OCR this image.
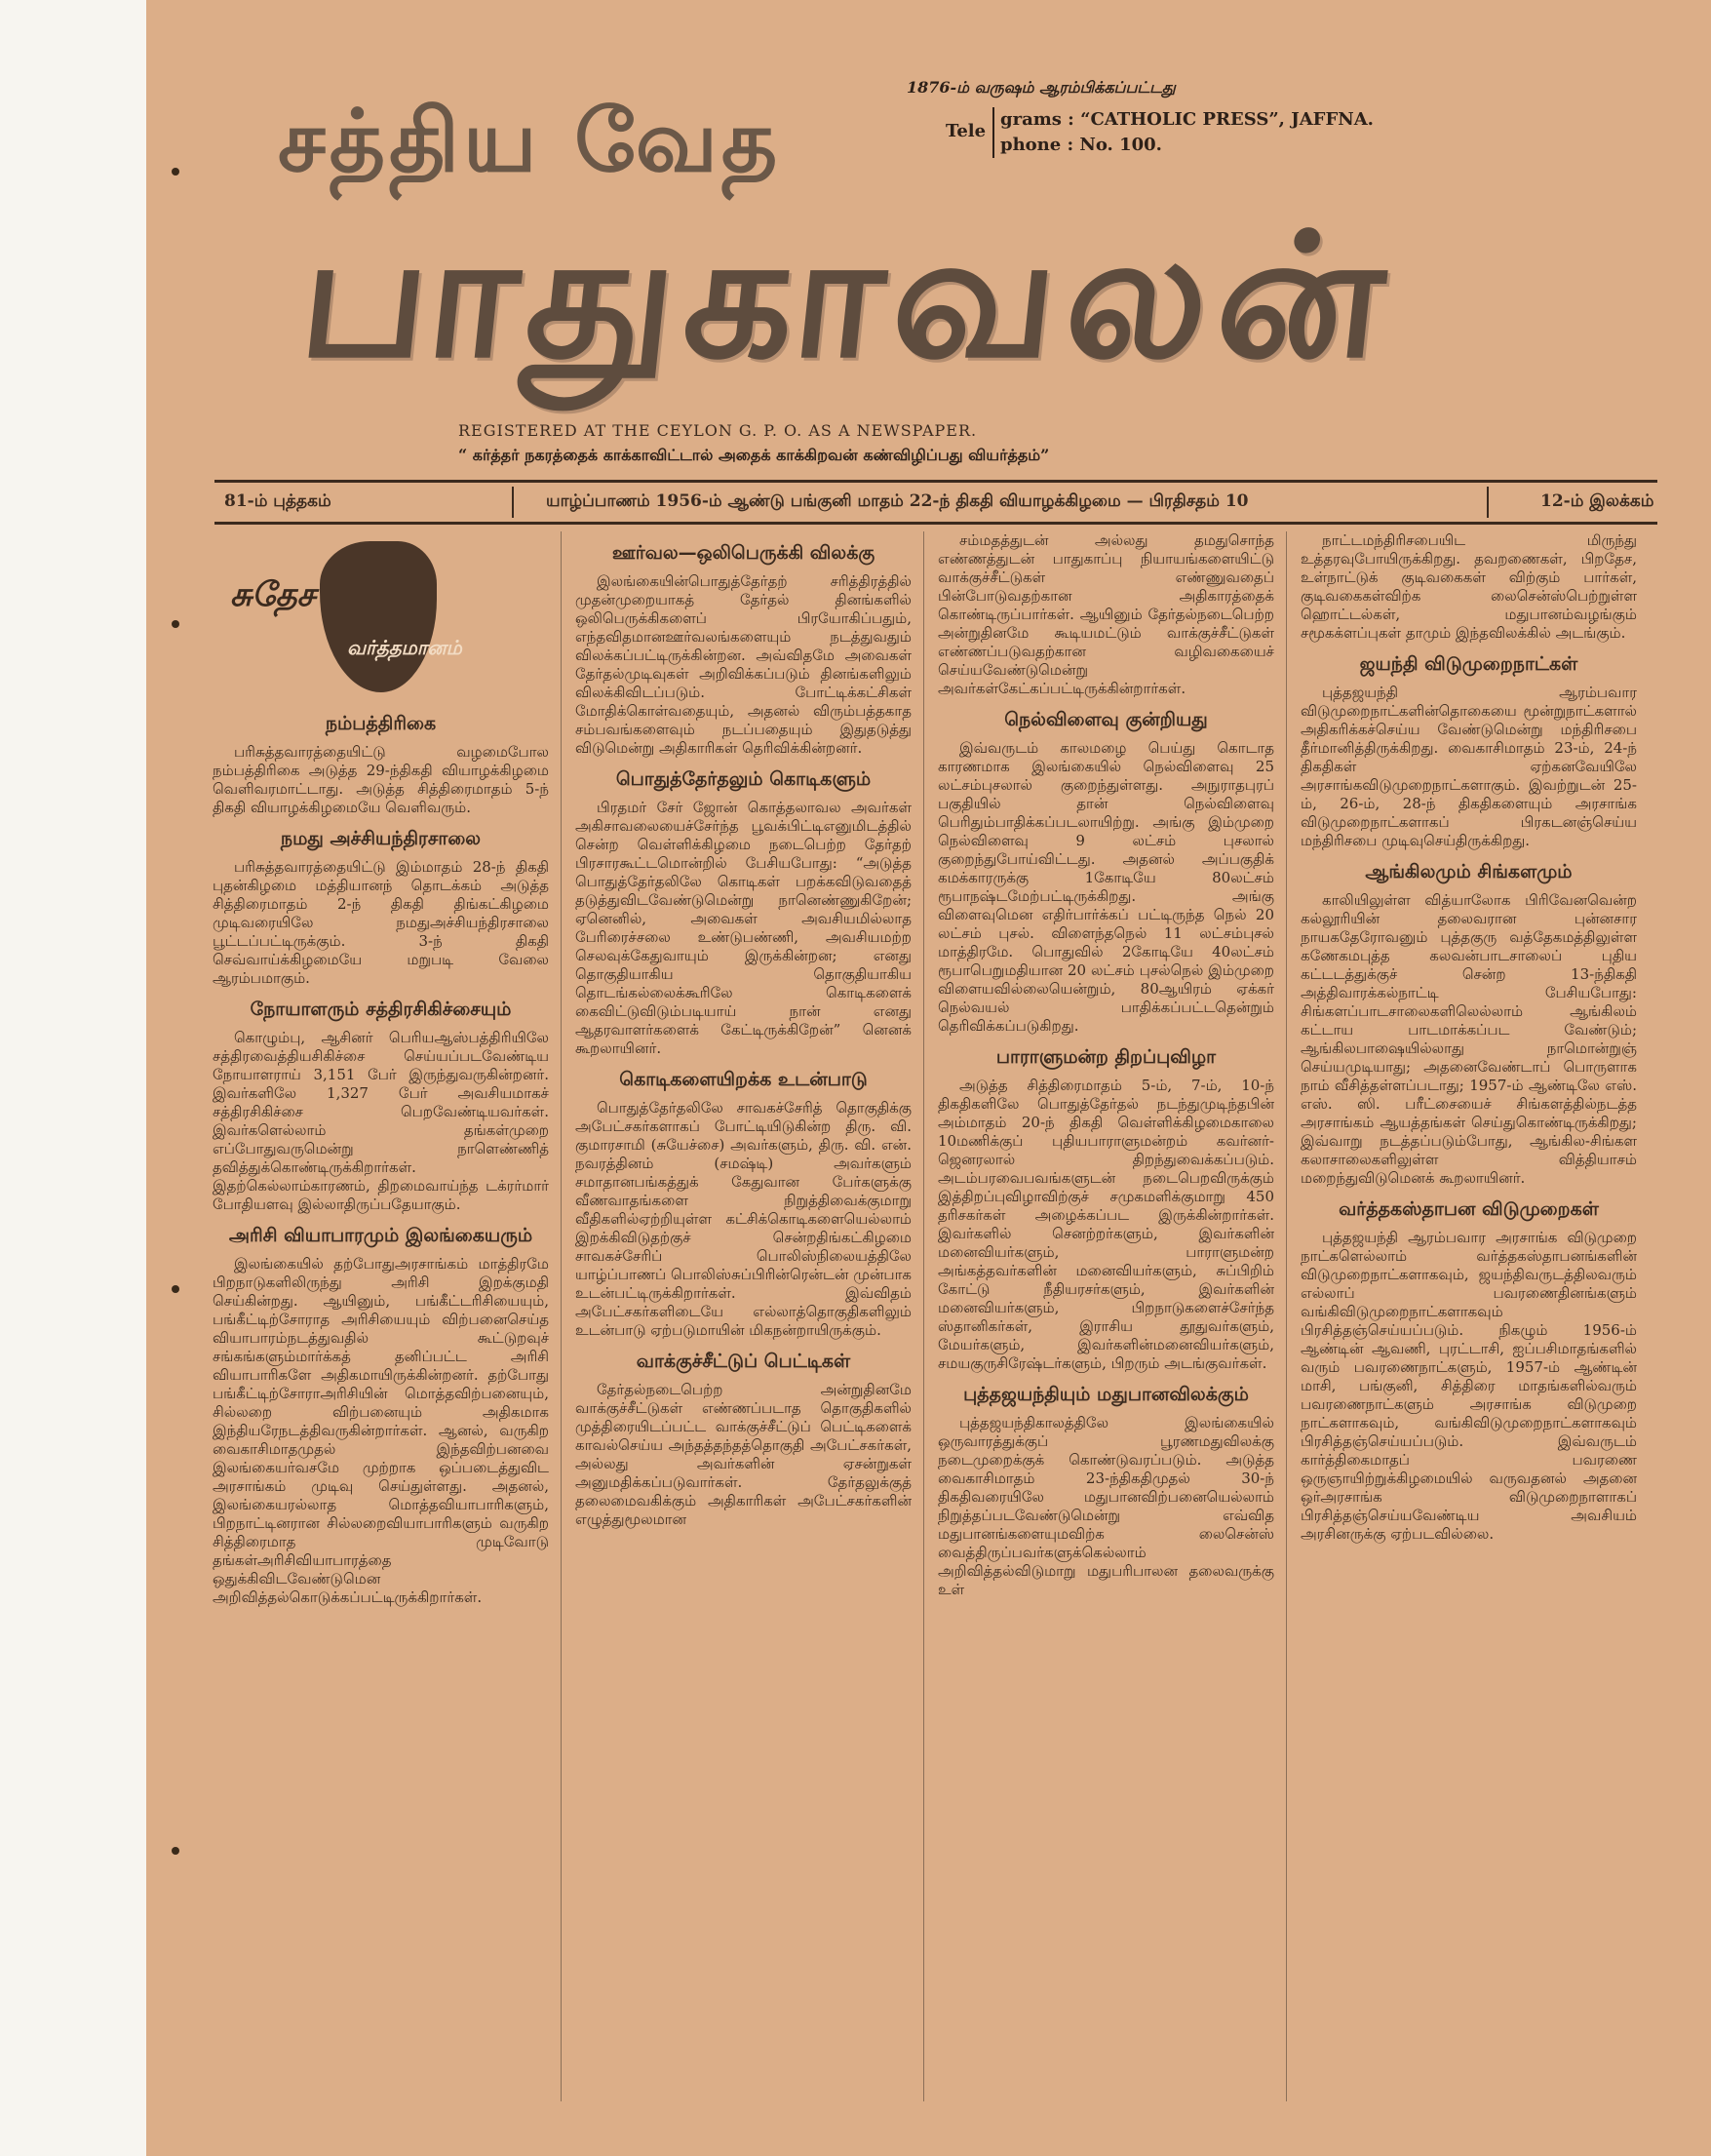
சத்திய வேத
பாதுகாவலன்
1876-ம் வருஷம் ஆரம்பிக்கப்பட்டது
Tele
grams : “CATHOLIC PRESS”, JAFFNA.
phone : No. 100.
REGISTERED AT THE CEYLON G. P. O. AS A NEWSPAPER.
“ கர்த்தர் நகரத்தைக் காக்காவிட்டால் அதைக் காக்கிறவன் கண்விழிப்பது வியர்த்தம்”
81-ம் புத்தகம்	யாழ்ப்பாணம் 1956-ம் ஆண்டு பங்குனி மாதம் 22-ந் திகதி வியாழக்கிழமை — பிரதிசதம் 10	12-ம் இலக்கம்
சுதேச
வர்த்தமானம்
நம்பத்திரிகை

பரிசுத்தவாரத்தையிட்டு வழமைபோல நம்பத்திரிகை அடுத்த 29-ந்திகதி வியாழக்கிழமை வெளிவரமாட்டாது. அடுத்த சித்திரைமாதம் 5-ந் திகதி வியாழக்கிழமையே வெளிவரும்.

நமது அச்சியந்திரசாலை

பரிசுத்தவாரத்தையிட்டு இம்மாதம் 28-ந் திகதி புதன்கிழமை மத்தியானந் தொடக்கம் அடுத்த சித்திரைமாதம் 2-ந் திகதி திங்கட்கிழமை முடிவரையிலே நமதுஅச்சியந்திரசாலை பூட்டப்பட்டிருக்கும். 3-ந் திகதி செவ்வாய்க்கிழமையே மறுபடி வேலை ஆரம்பமாகும்.

நோயாளரும் சத்திரசிகிச்சையும்

கொழும்பு, ஆசினர் பெரியஆஸ்பத்திரியிலே சத்திரவைத்தியசிகிச்சை செய்யப்படவேண்டிய நோயாளராய் 3,151 பேர் இருந்துவருகின்றனர். இவர்களிலே 1,327 பேர் அவசியமாகச் சத்திரசிகிச்சை பெறவேண்டியவர்கள். இவர்களெல்லாம் தங்கள்முறை எப்போதுவருமென்று நாளெண்ணித் தவித்துக்கொண்டிருக்கிறார்கள். இதற்கெல்லாம்காரணம், திறமைவாய்ந்த டக்ரர்மார் போதியளவு இல்லாதிருப்பதேயாகும்.

அரிசி வியாபாரமும் இலங்கையரும்

இலங்கையில் தற்போதுஅரசாங்கம் மாத்திரமே பிறநாடுகளிலிருந்து அரிசி இறக்குமதி செய்கின்றது. ஆயினும், பங்கீட்டரிசியையும், பங்கீட்டிற்சோராத அரிசியையும் விற்பனைசெய்த வியாபாரம்நடத்துவதில் கூட்டுறவுச் சங்கங்களும்மார்க்கத் தனிப்பட்ட அரிசி வியாபாரிகளே அதிகமாயிருக்கின்றனர். தற்போது பங்கீட்டிற்சோராஅரிசியின் மொத்தவிற்பனையும், சில்லறை விற்பனையும் அதிகமாக இந்தியரேநடத்திவருகின்றார்கள். ஆனல், வருகிற வைகாசிமாதமுதல் இந்தவிற்பனவை இலங்கையர்வசமே முற்றாக ஒப்படைத்துவிட அரசாங்கம் முடிவு செய்துள்ளது. அதனல், இலங்கையரல்லாத மொத்தவியாபாரிகளும், பிறநாட்டினரான சில்லறைவியாபாரிகளும் வருகிற சித்திரைமாத முடிவோடு தங்கள்அரிசிவியாபாரத்தை ஒதுக்கிவிடவேண்டுமென அறிவித்தல்கொடுக்கப்பட்டிருக்கிறார்கள்.

ஊர்வல—ஒலிபெருக்கி விலக்கு

இலங்கையின்பொதுத்தேர்தற் சரித்திரத்தில் முதன்முறையாகத் தேர்தல் தினங்களில் ஒலிபெருக்கிகளைப் பிரயோகிப்பதும், எந்தவிதமானஊர்வலங்களையும் நடத்துவதும் விலக்கப்பட்டிருக்கின்றன. அவ்விதமே அவைகள் தேர்தல்முடிவுகள் அறிவிக்கப்படும் தினங்களிலும் விலக்கிவிடப்படும். போட்டிக்கட்சிகள் மோதிக்கொள்வதையும், அதனல் விரும்பத்தகாத சம்பவங்களைவும் நடப்பதையும் இதுதடுத்து விடுமென்று அதிகாரிகள் தெரிவிக்கின்றனர்.

பொதுத்தேர்தலும் கொடிகளும்

பிரதமர் சேர் ஜோன் கொத்தலாவல அவர்கள் அகிசாவலையைச்சேர்ந்த பூவக்பிட்டிஎனுமிடத்தில் சென்ற வெள்ளிக்கிழமை நடைபெற்ற தேர்தற் பிரசாரகூட்டமொன்றில் பேசியபோது: “அடுத்த பொதுத்தேர்தலிலே கொடிகள் பறக்கவிடுவதைத் தடுத்துவிடவேண்டுமென்று நானெண்ணுகிறேன்; ஏனெனில், அவைகள் அவசியமில்லாத பேரிரைச்சலை உண்டுபண்ணி, அவசியமற்ற செலவுக்கேதுவாயும் இருக்கின்றன; எனது தொகுதியாகிய தொகுதியாகிய தொடங்கல்லைக்கூரிலே கொடிகளைக் கைவிட்டுவிடும்படியாய் நான் எனது ஆதரவாளர்களைக் கேட்டிருக்கிறேன்” னெனக் கூறலாயினர்.

கொடிகளையிறக்க உடன்பாடு

பொதுத்தேர்தலிலே சாவகச்சேரித் தொகுதிக்கு அபேட்சகர்களாகப் போட்டியிடுகின்ற திரு. வி. குமாரசாமி (சுயேச்சை) அவர்களும், திரு. வி. என். நவரத்தினம் (சமஷ்டி) அவர்களும் சமாதானபங்கத்துக் கேதுவான பேர்களுக்கு வீணவாதங்களை நிறுத்திவைக்குமாறு வீதிகளில்ஏற்றியுள்ள கட்சிக்கொடிகளையெல்லாம் இறக்கிவிடுதற்குச் சென்றதிங்கட்கிழமை சாவகச்சேரிப் பொலிஸ்நிலையத்திலே யாழ்ப்பாணப் பொலிஸ்சுப்பிரின்ரென்டன் முன்பாக உடன்பட்டிருக்கிறார்கள். இவ்விதம் அபேட்சகர்களிடையே எல்லாத்தொகுதிகளிலும் உடன்பாடு ஏற்படுமாயின் மிகநன்றாயிருக்கும்.

வாக்குச்சீட்டுப் பெட்டிகள்

தேர்தல்நடைபெற்ற அன்றுதினமே வாக்குச்சீட்டுகள் எண்ணப்படாத தொகுதிகளில் முத்திரையிடப்பட்ட வாக்குச்சீட்டுப் பெட்டிகளைக் காவல்செய்ய அந்தத்தந்தத்தொகுதி அபேட்சகர்கள், அல்லது அவர்களின் ஏசன்றுகள் அனுமதிக்கப்படுவார்கள். தேர்தலுக்குத் தலைமைவகிக்கும் அதிகாரிகள் அபேட்சகர்களின் எழுத்துமூலமான

சம்மதத்துடன் அல்லது தமதுசொந்த எண்ணத்துடன் பாதுகாப்பு நியாயங்களையிட்டு வாக்குச்சீட்டுகள் எண்ணுவதைப் பின்போடுவதற்கான அதிகாரத்தைக் கொண்டிருப்பார்கள். ஆயினும் தேர்தல்நடைபெற்ற அன்றுதினமே கூடியமட்டும் வாக்குச்சீட்டுகள் எண்ணப்படுவதற்கான வழிவகையைச் செய்யவேண்டுமென்று அவர்கள்கேட்கப்பட்டிருக்கின்றார்கள்.

நெல்விளைவு குன்றியது

இவ்வருடம் காலமழை பெய்து கொடாத காரணமாக இலங்கையில் நெல்விளைவு 25 லட்சம்புசலால் குறைந்துள்ளது. அநுராதபுரப் பகுதியில் தான் நெல்விளைவு பெரிதும்பாதிக்கப்படலாயிற்று. அங்கு இம்முறை நெல்விளைவு 9 லட்சம் புசலால் குறைந்துபோய்விட்டது. அதனல் அப்பகுதிக் கமக்காரருக்கு 1கோடியே 80லட்சம் ரூபாநஷ்டமேற்பட்டிருக்கிறது. அங்கு விளைவுமென எதிர்பார்க்கப் பட்டிருந்த நெல் 20 லட்சம் புசல். விளைந்தநெல் 11 லட்சம்புசல் மாத்திரமே. பொதுவில் 2கோடியே 40லட்சம் ரூபாபெறுமதியான 20 லட்சம் புசல்நெல் இம்முறை விளையவில்லையென்றும், 80ஆயிரம் ஏக்கர் நெல்வயல் பாதிக்கப்பட்டதென்றும் தெரிவிக்கப்படுகிறது.

பாராளுமன்ற திறப்புவிழா

அடுத்த சித்திரைமாதம் 5-ம், 7-ம், 10-ந் திகதிகளிலே பொதுத்தேர்தல் நடந்துமுடிந்தபின் அம்மாதம் 20-ந் திகதி வெள்ளிக்கிழமைகாலை 10மணிக்குப் புதியபாராளுமன்றம் கவர்னர்-ஜெனரலால் திறந்துவைக்கப்படும். அடம்பரவைபவங்களுடன் நடைபெறவிருக்கும் இத்திறப்புவிழாவிற்குச் சமுகமளிக்குமாறு 450 தரிசகர்கள் அழைக்கப்பட இருக்கின்றார்கள். இவர்களில் செனற்றர்களும், இவர்களின் மனைவியர்களும், பாராளுமன்ற அங்கத்தவர்களின் மனைவியர்களும், சுப்பிறிம் கோட்டு நீதியரசர்களும், இவர்களின் மனைவியர்களும், பிறநாடுகளைச்சேர்ந்த ஸ்தானிகர்கள், இராசிய தூதுவர்களும், மேயர்களும், இவர்களின்மனைவியர்களும், சமயகுருசிரேஷ்டர்களும், பிறரும் அடங்குவர்கள்.

புத்தஜயந்தியும் மதுபானவிலக்கும்

புத்தஜயந்திகாலத்திலே இலங்கையில் ஒருவாரத்துக்குப் பூரணமதுவிலக்கு நடைமுறைக்குக் கொண்டுவரப்படும். அடுத்த வைகாசிமாதம் 23-ந்திகதிமுதல் 30-ந் திகதிவரையிலே மதுபானவிற்பனையெல்லாம் நிறுத்தப்படவேண்டுமென்று எவ்வித மதுபானங்களையுமவிற்க லைசென்ஸ் வைத்திருப்பவர்களுக்கெல்லாம் அறிவித்தல்விடுமாறு மதுபரிபாலன தலைவருக்கு உள்

நாட்டமந்திரிசபையிட மிருந்து உத்தரவுபோயிருக்கிறது. தவறணைகள், பிறதேச, உள்நாட்டுக் குடிவகைகள் விற்கும் பார்கள், குடிவகைகள்விற்க லைசென்ஸ்பெற்றுள்ள ஹொட்டல்கள், மதுபானம்வழங்கும் சமூகக்ளப்புகள் தாமும் இந்தவிலக்கில் அடங்கும்.

ஜயந்தி விடுமுறைநாட்கள்

புத்தஜயந்தி ஆரம்பவார விடுமுறைநாட்களின்தொகையை மூன்றுநாட்களால் அதிகரிக்கச்செய்ய வேண்டுமென்று மந்திரிசபை தீர்மானித்திருக்கிறது. வைகாசிமாதம் 23-ம், 24-ந் திகதிகள் ஏற்கனவேயிலே அரசாங்கவிடுமுறைநாட்களாகும். இவற்றுடன் 25-ம், 26-ம், 28-ந் திகதிகளையும் அரசாங்க விடுமுறைநாட்களாகப் பிரகடனஞ்செய்ய மந்திரிசபை முடிவுசெய்திருக்கிறது.

ஆங்கிலமும் சிங்களமும்

காலியிலுள்ள வித்யாலோக பிரிவேனவென்ற கல்லூரியின் தலைவரான புன்னசார நாயகதேரோவனும் புத்தகுரு வத்தேகமத்திலுள்ள கணேகமபுத்த கலவன்பாடசாலைப் புதிய கட்டடத்துக்குச் சென்ற 13-ந்திகதி அத்திவாரக்கல்நாட்டி பேசியபோது: சிங்களப்பாடசாலைகளிலெல்லாம் ஆங்கிலம் கட்டாய பாடமாக்கப்பட வேண்டும்; ஆங்கிலபாஷையில்லாது நாமொன்றுஞ் செய்யமுடியாது; அதனைவேண்டாப் பொருளாக நாம் வீசித்தள்ளப்படாது; 1957-ம் ஆண்டிலே எஸ். எஸ். ஸி. பரீட்சையைச் சிங்களத்தில்நடத்த அரசாங்கம் ஆயத்தங்கள் செய்துகொண்டிருக்கிறது; இவ்வாறு நடத்தப்படும்போது, ஆங்கில-சிங்கள கலாசாலைகளிலுள்ள வித்தியாசம் மறைந்துவிடுமெனக் கூறலாயினர்.

வர்த்தகஸ்தாபன விடுமுறைகள்

புத்தஜயந்தி ஆரம்பவார அரசாங்க விடுமுறை நாட்களெல்லாம் வர்த்தகஸ்தாபனங்களின் விடுமுறைநாட்களாகவும், ஜயந்திவருடத்திலவரும் எல்லாப் பவரணைதினங்களும் வங்கிவிடுமுறைநாட்களாகவும் பிரசித்தஞ்செய்யப்படும். நிகழும் 1956-ம் ஆண்டின் ஆவணி, புரட்டாசி, ஐப்பசிமாதங்களில் வரும் பவரணைநாட்களும், 1957-ம் ஆண்டின் மாசி, பங்குனி, சித்திரை மாதங்களில்வரும் பவரணைநாட்களும் அரசாங்க விடுமுறை நாட்களாகவும், வங்கிவிடுமுறைநாட்களாகவும் பிரசித்தஞ்செய்யப்படும். இவ்வருடம் கார்த்திகைமாதப் பவரணை ஒருஞாயிற்றுக்கிழமையில் வருவதனல் அதனை ஒர்அரசாங்க விடுமுறைநாளாகப் பிரசித்தஞ்செய்யவேண்டிய அவசியம் அரசினருக்கு ஏற்படவில்லை.
